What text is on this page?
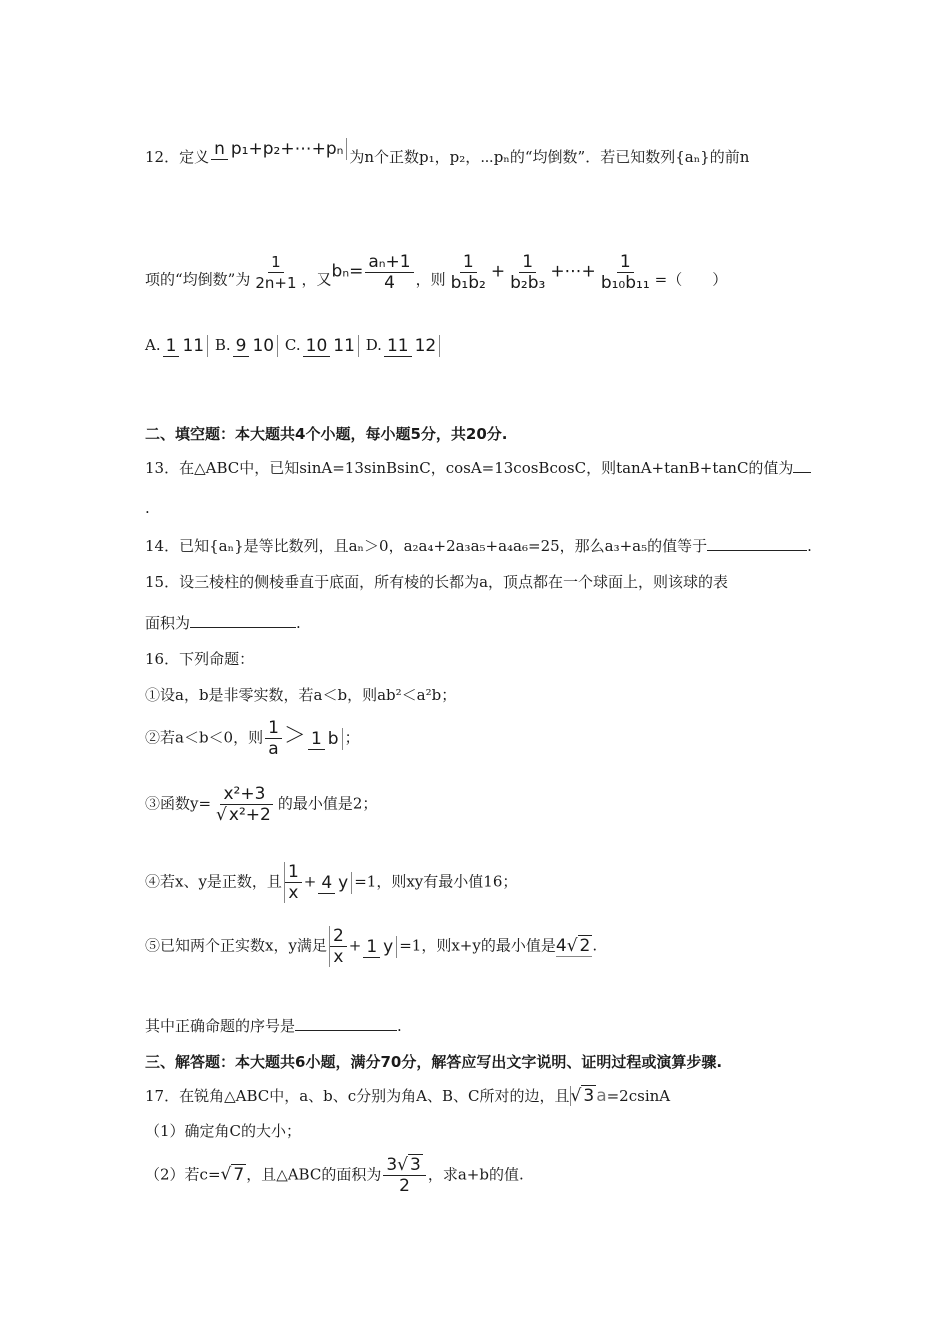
12．定义 n p₁+p₂+⋯+pₙ 为n个正数p₁，p₂，⋯pₙ的“均倒数”．若已知数列{aₙ}的前n
项的“均倒数”为 $\frac{1}{2n+1}$ ，又$b_n= \frac{\text{aₙ+1}}{4}$ ，则 $\frac{1}{\text{b₁b₂}} + \frac{1}{\text{b₂b₃}}$ +⋯+ $\frac{1}{\text{b₁₀b₁₁}}$ =（　　）
A. 1 11 B. 9 10 C. 10 11 D. 11 12
二、填空题：本大题共4个小题，每小题5分，共20分.
13．在△ABC中，已知sinA=13sinBsinC，cosA=13cosBcosC，则tanA+tanB+tanC的值为
.
14．已知{aₙ}是等比数列，且aₙ＞0，a₂a₄+2a₃a₅+a₄a₆=25，那么a₃+a₅的值等于	.
15．设三棱柱的侧棱垂直于底面，所有棱的长都为a，顶点都在一个球面上，则该球的表
面积为	.
16．下列命题：
①设a，b是非零实数，若a＜b，则ab²＜a²b；
②若a＜b＜0，则 $\frac{1}{a} > 1$ b ；
③函数$y= \frac{\text{x²+3}}{\text{√ x²+2}}$ 的最小值是2；
④若x、y是正数，且 $\frac{1}{x} + 4$ y =1，则xy有最小值16；
⑤已知两个正实数x，y满足 $\frac{2}{x} + 1$ y =1，则x+y的最小值是4√ 2 .
其中正确命题的序号是	.
三、解答题：本大题共6小题，满分70分，解答应写出文字说明、证明过程或演算步骤.
17．在锐角△ABC中，a、b、c分别为角A、B、C所对的边，且√ 3 a=2csinA
（1）确定角C的大小；
（2）若c=√ 7 ，且△ABC的面积为 $\frac{3√ 3}{2}$ ，求a+b的值.
